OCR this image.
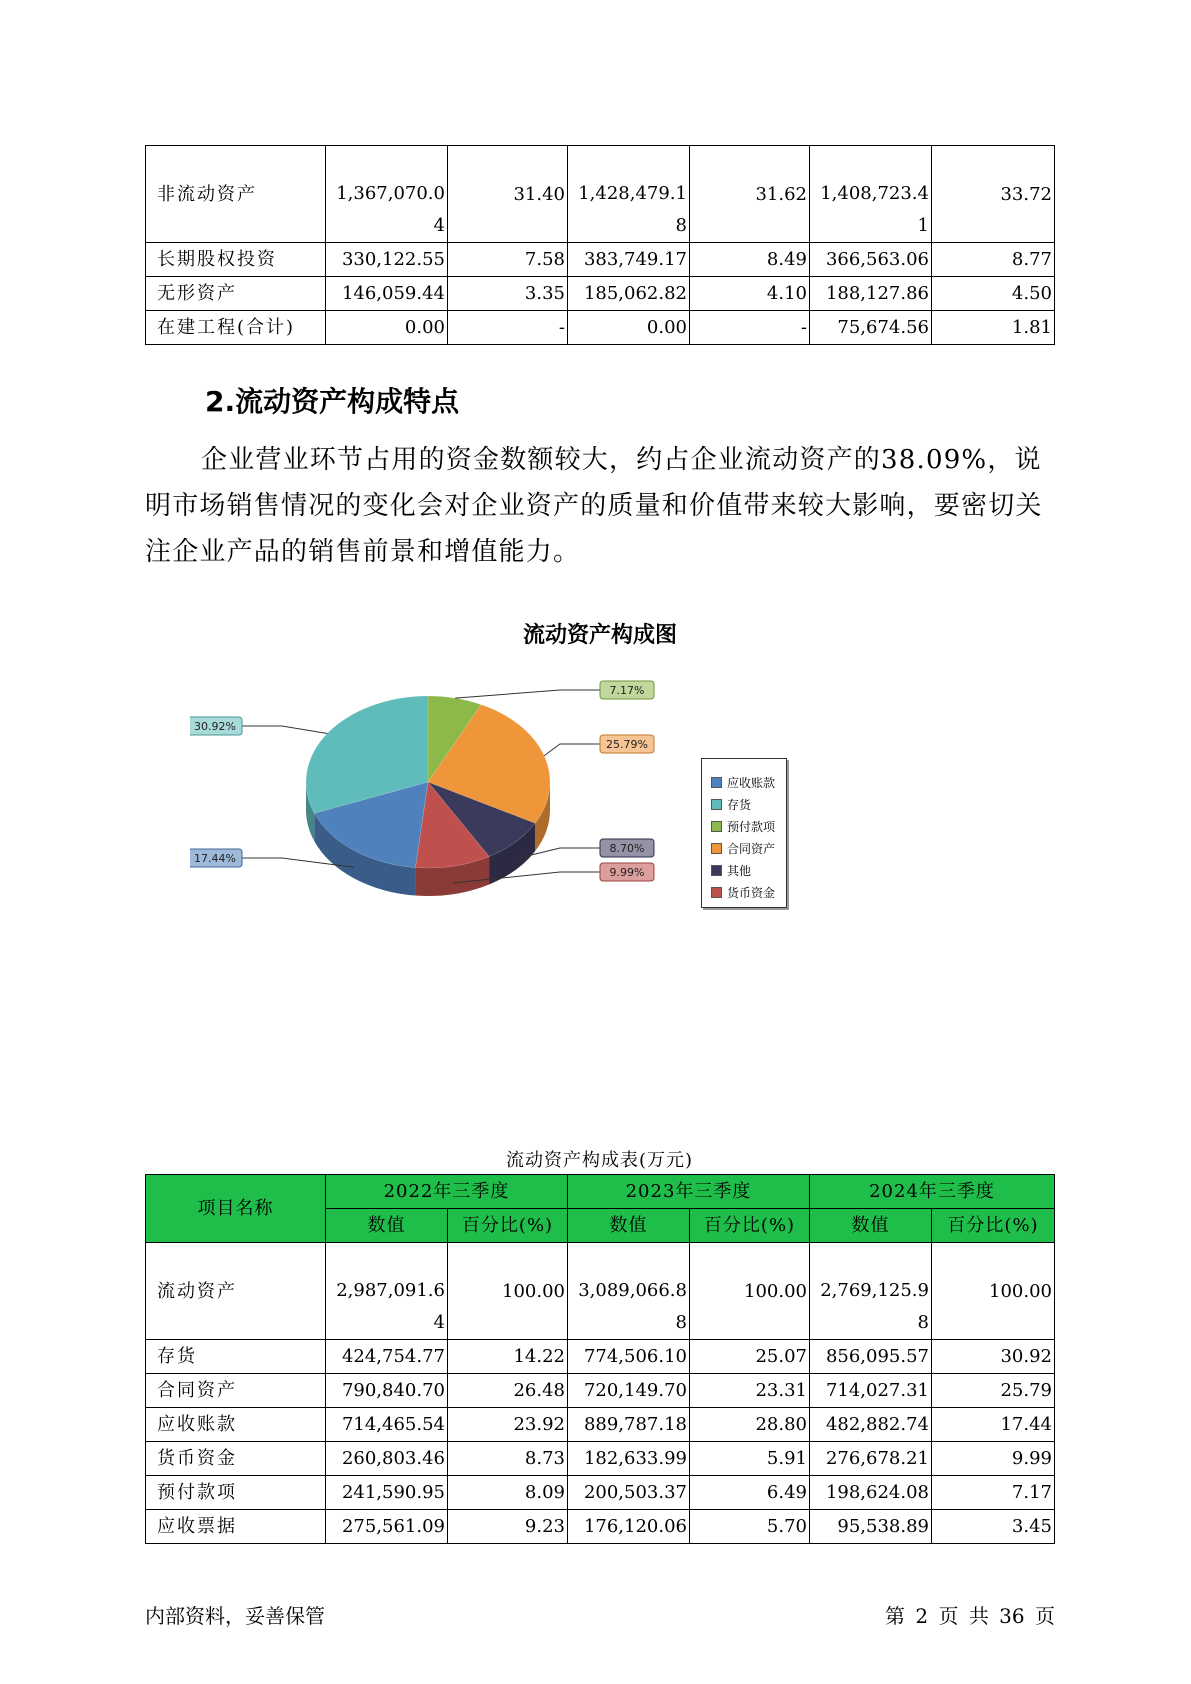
非流动资产	1,367,070.04	31.40	1,428,479.18	31.62	1,408,723.41	33.72
长期股权投资	330,122.55	7.58	383,749.17	8.49	366,563.06	8.77
无形资产	146,059.44	3.35	185,062.82	4.10	188,127.86	4.50
在建工程(合计)	0.00	-	0.00	-	75,674.56	1.81
2.流动资产构成特点
企业营业环节占用的资金数额较大，约占企业流动资产的38.09%，说明市场销售情况的变化会对企业资产的质量和价值带来较大影响，要密切关注企业产品的销售前景和增值能力。
流动资产构成图
7.17%
25.79%
8.70%
9.99%
17.44%
30.92%
应收账款
存货
预付款项
合同资产
其他
货币资金
流动资产构成表(万元)
项目名称	2022年三季度		2023年三季度		2024年三季度	
	数值	百分比(%)	数值	百分比(%)	数值	百分比(%)
流动资产	2,987,091.64	100.00	3,089,066.88	100.00	2,769,125.98	100.00
存货	424,754.77	14.22	774,506.10	25.07	856,095.57	30.92
合同资产	790,840.70	26.48	720,149.70	23.31	714,027.31	25.79
应收账款	714,465.54	23.92	889,787.18	28.80	482,882.74	17.44
货币资金	260,803.46	8.73	182,633.99	5.91	276,678.21	9.99
预付款项	241,590.95	8.09	200,503.37	6.49	198,624.08	7.17
应收票据	275,561.09	9.23	176,120.06	5.70	95,538.89	3.45
内部资料，妥善保管	第 2 页 共 36 页
